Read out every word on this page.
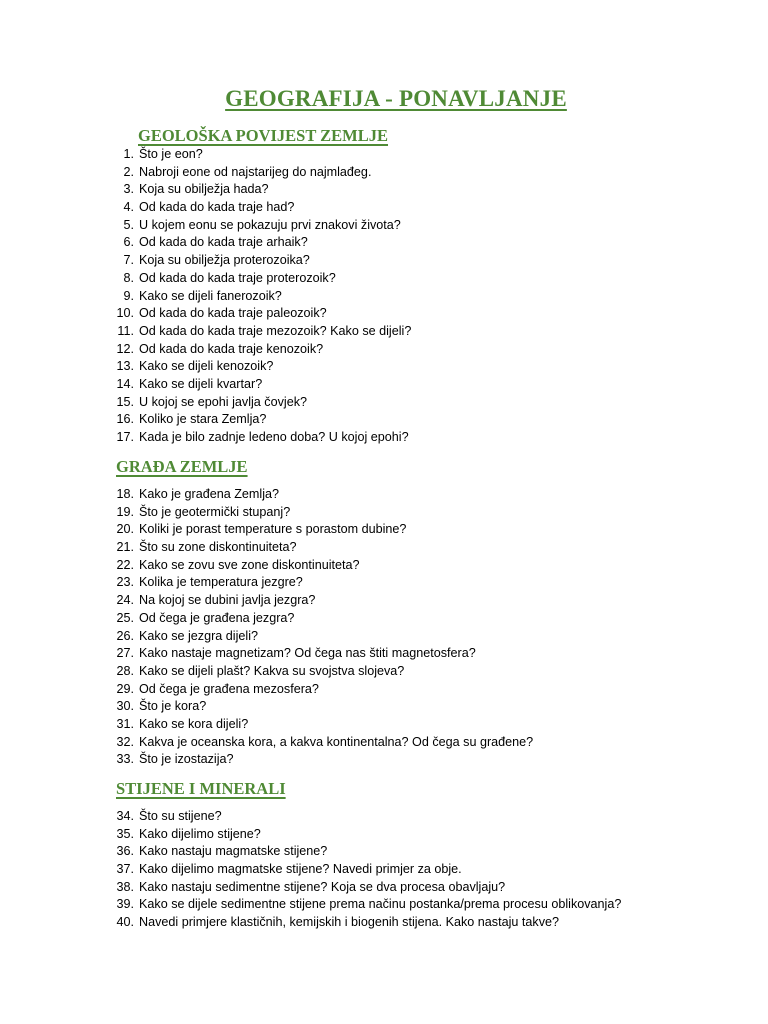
GEOGRAFIJA - PONAVLJANJE
GEOLOŠKA POVIJEST ZEMLJE
1. Što je eon?
2. Nabroji eone od najstarijeg do najmlađeg.
3. Koja su obilježja hada?
4. Od kada do kada traje had?
5. U kojem eonu se pokazuju prvi znakovi života?
6. Od kada do kada traje arhaik?
7. Koja su obilježja proterozoika?
8. Od kada do kada traje proterozoik?
9. Kako se dijeli fanerozoik?
10. Od kada do kada traje paleozoik?
11. Od kada do kada traje mezozoik? Kako se dijeli?
12. Od kada do kada traje kenozoik?
13. Kako se dijeli kenozoik?
14. Kako se dijeli kvartar?
15. U kojoj se epohi javlja čovjek?
16. Koliko je stara Zemlja?
17. Kada je bilo zadnje ledeno doba? U kojoj epohi?
GRAĐA ZEMLJE
18. Kako je građena Zemlja?
19. Što je geotermički stupanj?
20. Koliki je porast temperature s porastom dubine?
21. Što su zone diskontinuiteta?
22. Kako se zovu sve zone diskontinuiteta?
23. Kolika je temperatura jezgre?
24. Na kojoj se dubini javlja jezgra?
25. Od čega je građena jezgra?
26. Kako se jezgra dijeli?
27. Kako nastaje magnetizam? Od čega nas štiti magnetosfera?
28. Kako se dijeli plašt? Kakva su svojstva slojeva?
29. Od čega je građena mezosfera?
30. Što je kora?
31. Kako se kora dijeli?
32. Kakva je oceanska kora, a kakva kontinentalna? Od čega su građene?
33. Što je izostazija?
STIJENE I MINERALI
34. Što su stijene?
35. Kako dijelimo stijene?
36. Kako nastaju magmatske stijene?
37. Kako dijelimo magmatske stijene? Navedi primjer za obje.
38. Kako nastaju sedimentne stijene? Koja se dva procesa obavljaju?
39. Kako se dijele sedimentne stijene prema načinu postanka/prema procesu oblikovanja?
40. Navedi primjere klastičnih, kemijskih i biogenih stijena. Kako nastaju takve?
